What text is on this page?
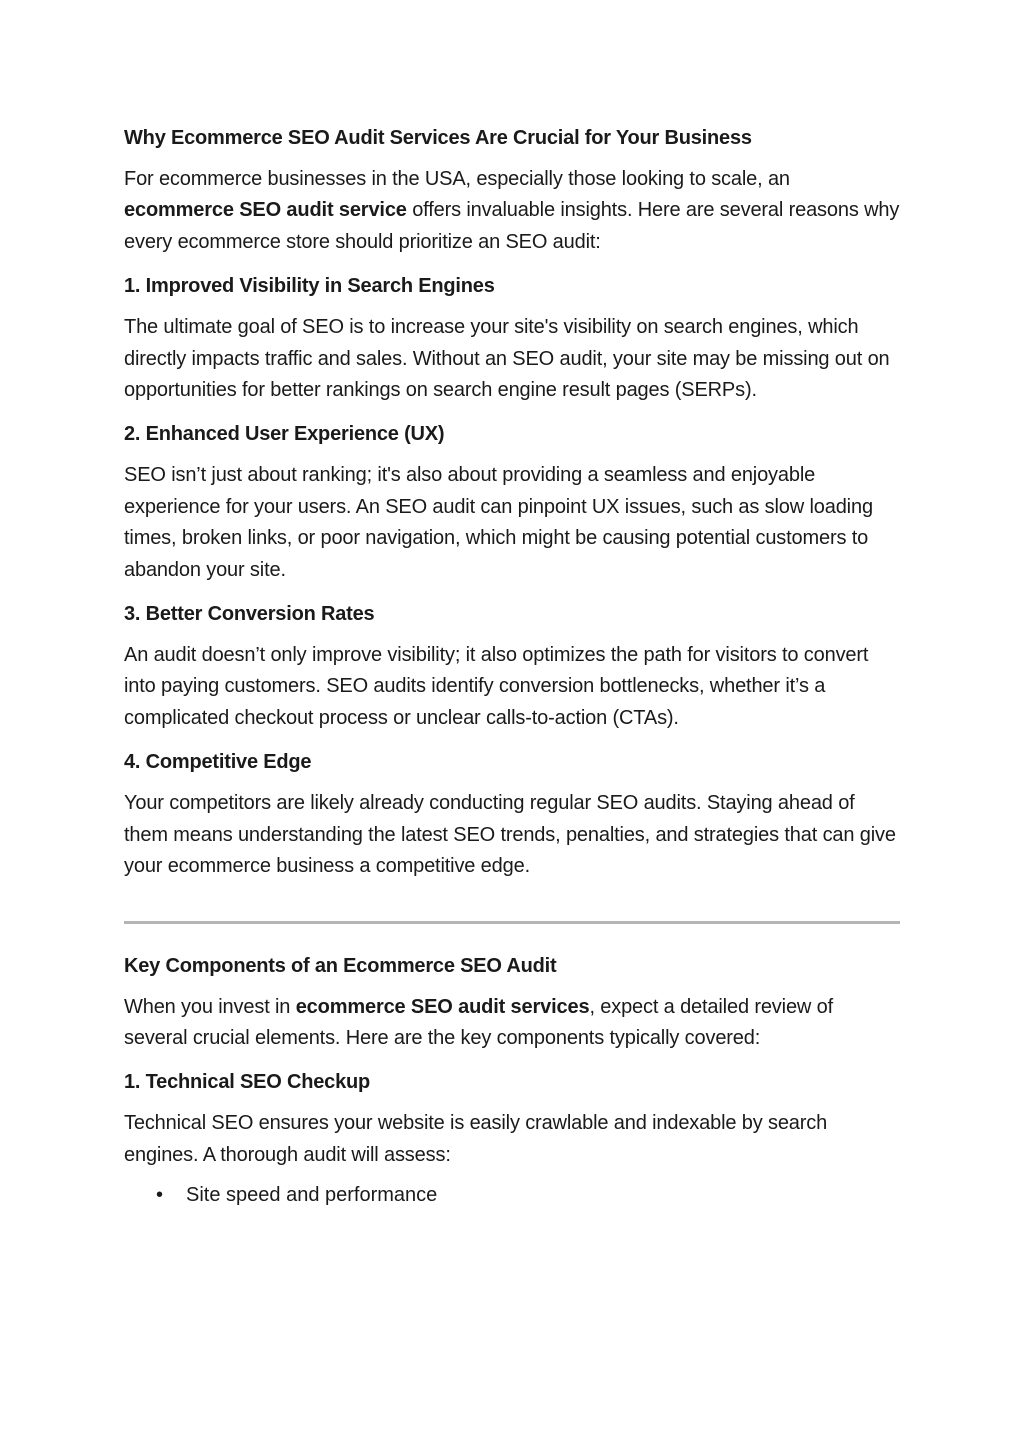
Why Ecommerce SEO Audit Services Are Crucial for Your Business

For ecommerce businesses in the USA, especially those looking to scale, an ecommerce SEO audit service offers invaluable insights. Here are several reasons why every ecommerce store should prioritize an SEO audit:

1. Improved Visibility in Search Engines

The ultimate goal of SEO is to increase your site's visibility on search engines, which directly impacts traffic and sales. Without an SEO audit, your site may be missing out on opportunities for better rankings on search engine result pages (SERPs).

2. Enhanced User Experience (UX)

SEO isn’t just about ranking; it's also about providing a seamless and enjoyable experience for your users. An SEO audit can pinpoint UX issues, such as slow loading times, broken links, or poor navigation, which might be causing potential customers to abandon your site.

3. Better Conversion Rates

An audit doesn’t only improve visibility; it also optimizes the path for visitors to convert into paying customers. SEO audits identify conversion bottlenecks, whether it’s a complicated checkout process or unclear calls-to-action (CTAs).

4. Competitive Edge

Your competitors are likely already conducting regular SEO audits. Staying ahead of them means understanding the latest SEO trends, penalties, and strategies that can give your ecommerce business a competitive edge.

Key Components of an Ecommerce SEO Audit

When you invest in ecommerce SEO audit services, expect a detailed review of several crucial elements. Here are the key components typically covered:

1. Technical SEO Checkup

Technical SEO ensures your website is easily crawlable and indexable by search engines. A thorough audit will assess:

• Site speed and performance
